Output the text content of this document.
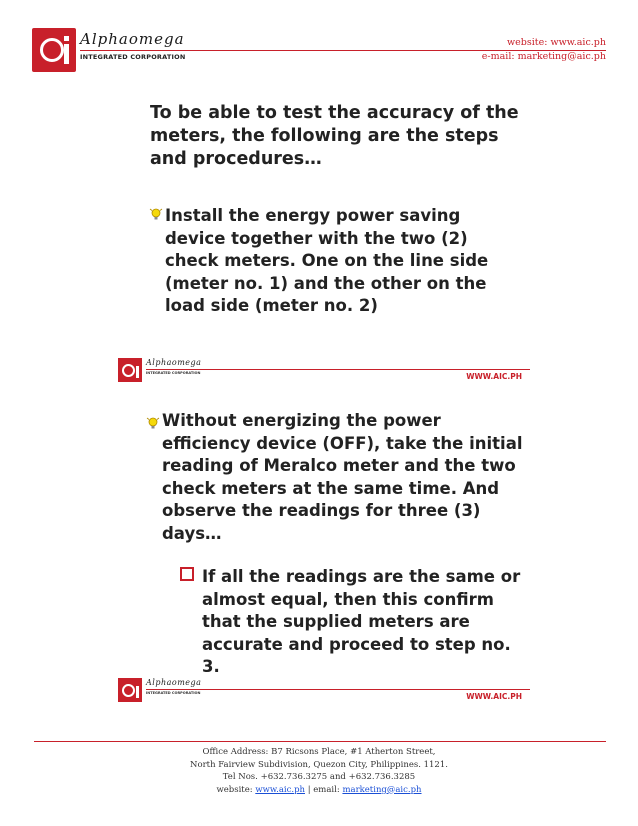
Alphaomega
INTEGRATED CORPORATION
website: www.aic.ph
e-mail: marketing@aic.ph
To be able to test the accuracy of the meters, the following are the steps and procedures…
Install the energy power saving device together with the two (2) check meters. One on the line side (meter no. 1) and the other on the load side (meter no. 2)
Alphaomega
INTEGRATED CORPORATION	WWW.AIC.PH
Without energizing the power efficiency device (OFF), take the initial reading of Meralco meter and the two check meters at the same time. And observe the readings for three (3) days…
If all the readings are the same or almost equal, then this confirm that the supplied meters are accurate and proceed to step no. 3.
Alphaomega
INTEGRATED CORPORATION	WWW.AIC.PH
Office Address: B7 Ricsons Place, #1 Atherton Street,
North Fairview Subdivision, Quezon City, Philippines. 1121.
Tel Nos. +632.736.3275 and +632.736.3285
website: www.aic.ph | email: marketing@aic.ph
